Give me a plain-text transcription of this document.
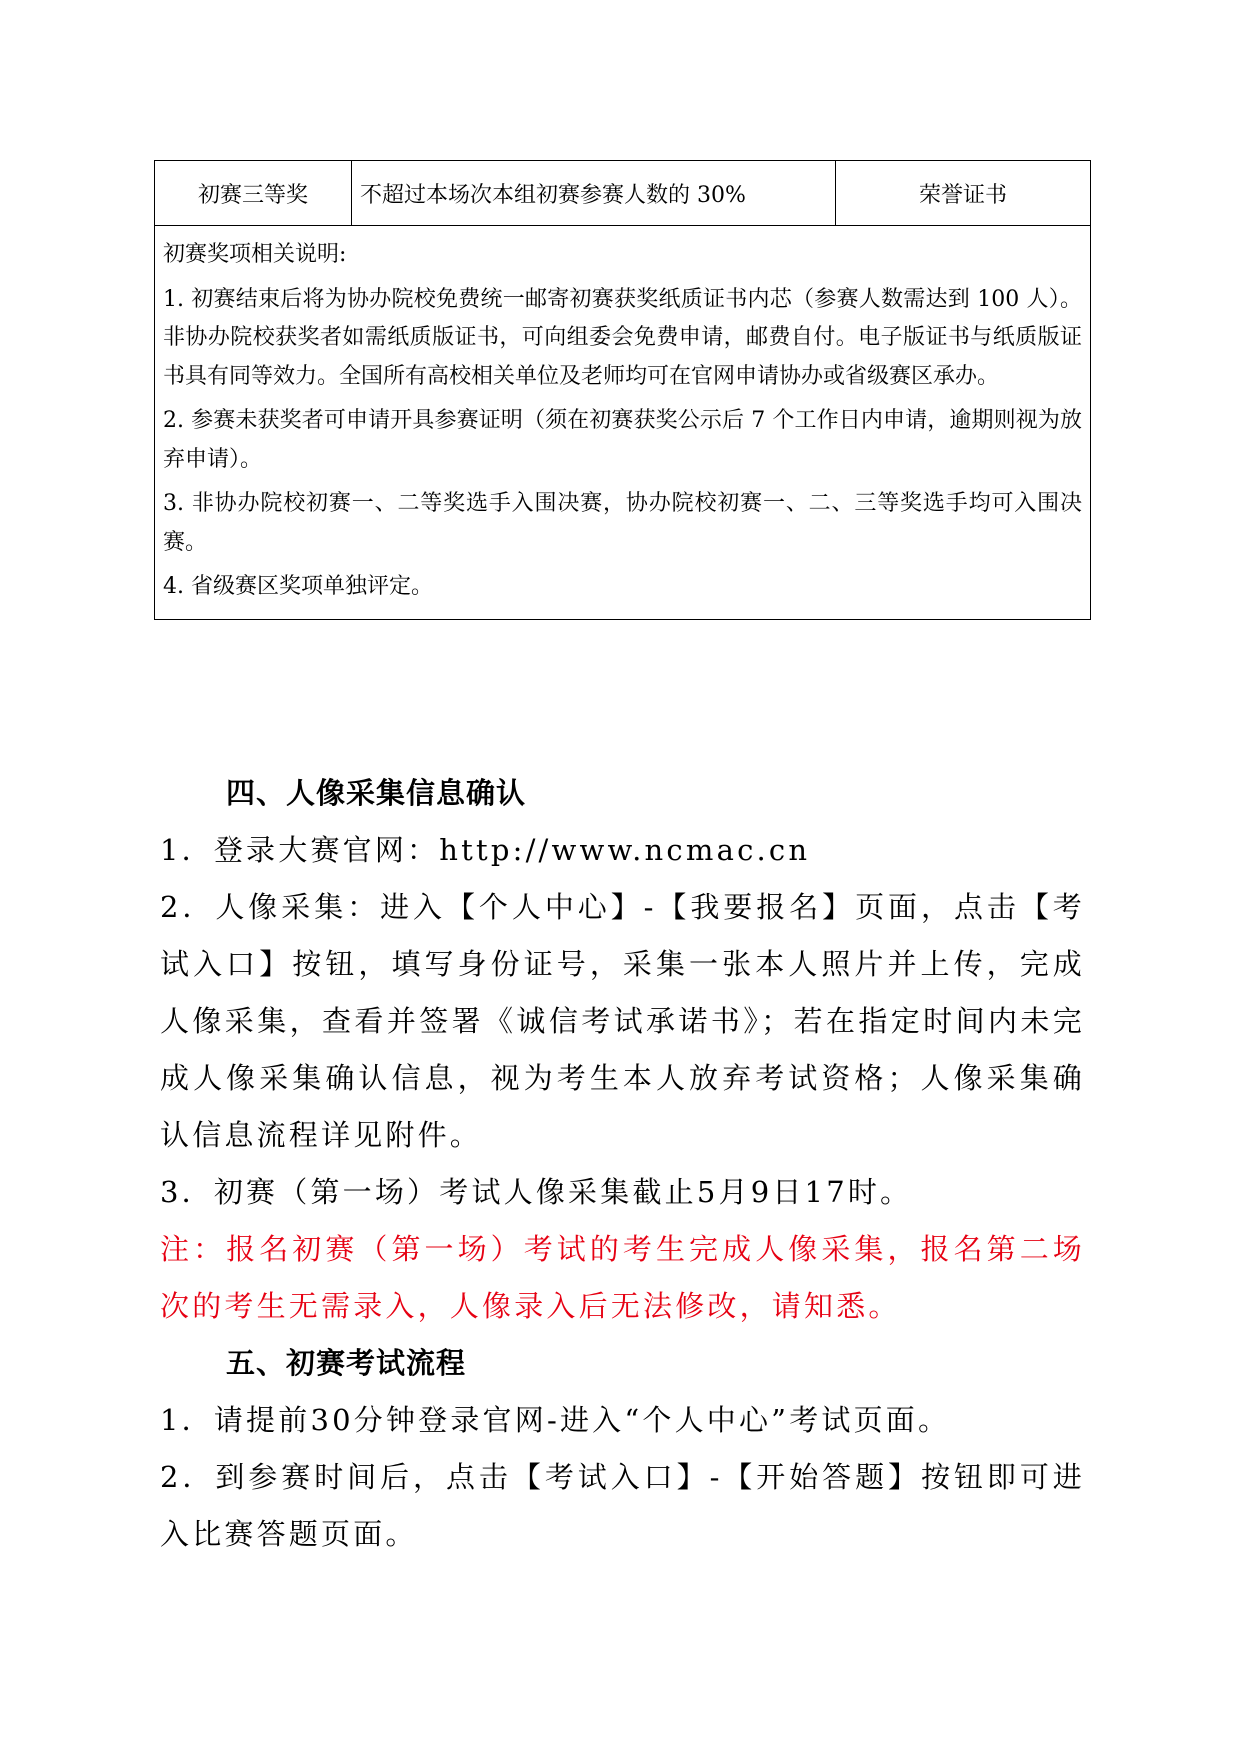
初赛三等奖	不超过本场次本组初赛参赛人数的 30%	荣誉证书

初赛奖项相关说明:

1. 初赛结束后将为协办院校免费统一邮寄初赛获奖纸质证书内芯（参赛人数需达到 100 人）。非协办院校获奖者如需纸质版证书，可向组委会免费申请，邮费自付。电子版证书与纸质版证书具有同等效力。全国所有高校相关单位及老师均可在官网申请协办或省级赛区承办。

2. 参赛未获奖者可申请开具参赛证明（须在初赛获奖公示后 7 个工作日内申请，逾期则视为放弃申请）。

3. 非协办院校初赛一、二等奖选手入围决赛，协办院校初赛一、二、三等奖选手均可入围决赛。

4. 省级赛区奖项单独评定。

四、人像采集信息确认

1．登录大赛官网：http://www.ncmac.cn

2．人像采集：进入【个人中心】-【我要报名】页面，点击【考试入口】按钮，填写身份证号，采集一张本人照片并上传，完成人像采集，查看并签署《诚信考试承诺书》；若在指定时间内未完成人像采集确认信息，视为考生本人放弃考试资格；人像采集确认信息流程详见附件。

3．初赛（第一场）考试人像采集截止5月9日17时。

注：报名初赛（第一场）考试的考生完成人像采集，报名第二场次的考生无需录入，人像录入后无法修改，请知悉。

五、初赛考试流程

1．请提前30分钟登录官网-进入“个人中心”考试页面。

2．到参赛时间后，点击【考试入口】-【开始答题】按钮即可进入比赛答题页面。
